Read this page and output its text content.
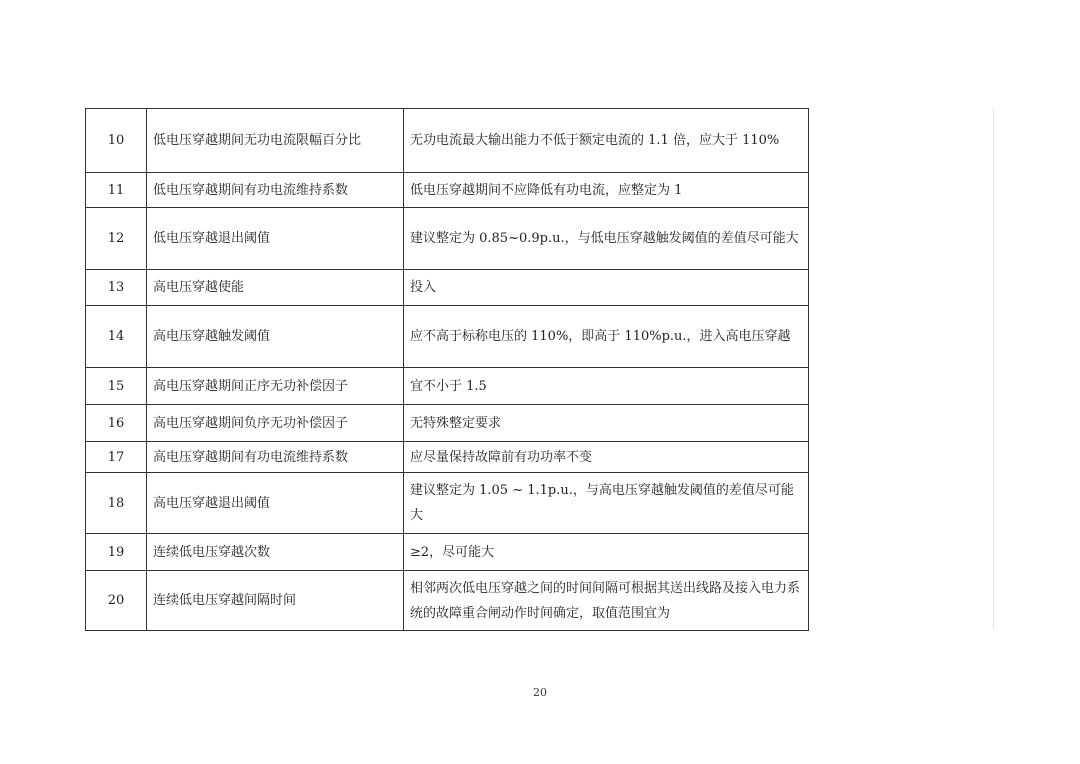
10	低电压穿越期间无功电流限幅百分比	无功电流最大输出能力不低于额定电流的 1.1 倍，应大于 110%
11	低电压穿越期间有功电流维持系数	低电压穿越期间不应降低有功电流，应整定为 1
12	低电压穿越退出阈值	建议整定为 0.85~0.9p.u.，与低电压穿越触发阈值的差值尽可能大
13	高电压穿越使能	投入
14	高电压穿越触发阈值	应不高于标称电压的 110%，即高于 110%p.u.，进入高电压穿越
15	高电压穿越期间正序无功补偿因子	宜不小于 1.5
16	高电压穿越期间负序无功补偿因子	无特殊整定要求
17	高电压穿越期间有功电流维持系数	应尽量保持故障前有功功率不变
18	高电压穿越退出阈值	建议整定为 1.05 ~ 1.1p.u.，与高电压穿越触发阈值的差值尽可能大
19	连续低电压穿越次数	≥2，尽可能大
20	连续低电压穿越间隔时间	相邻两次低电压穿越之间的时间间隔可根据其送出线路及接入电力系统的故障重合闸动作时间确定，取值范围宜为
20
